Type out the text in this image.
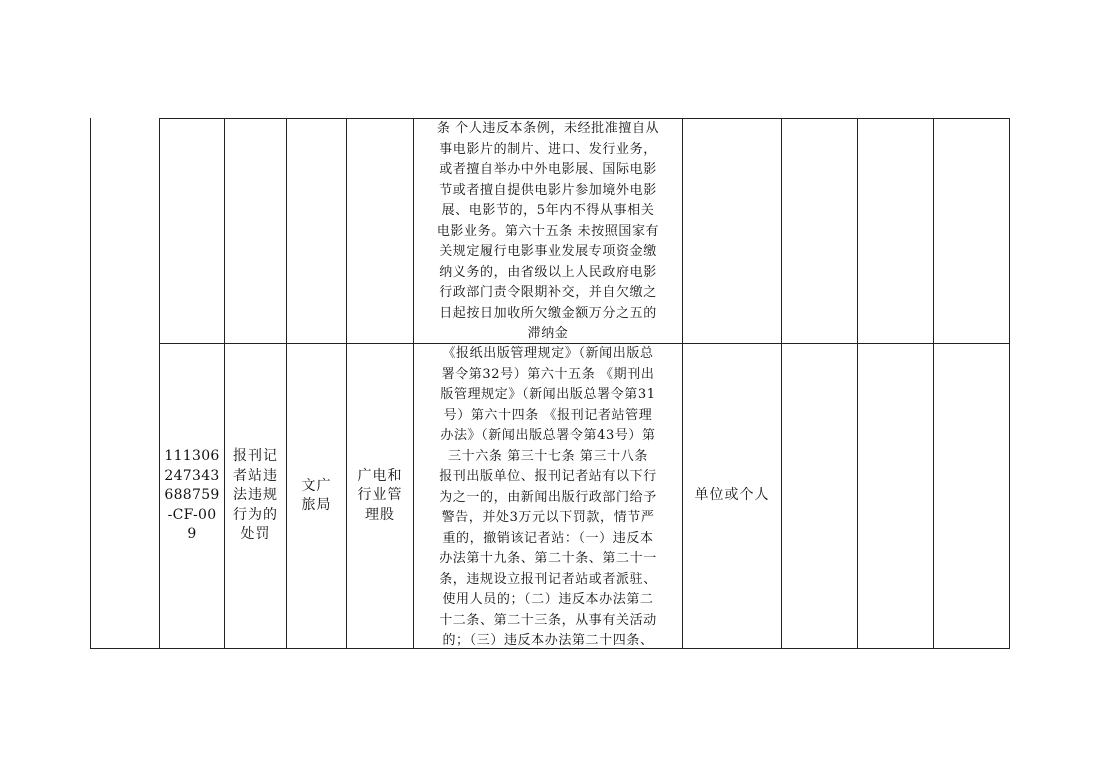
条 个人违反本条例，未经批准擅自从
事电影片的制片、进口、发行业务，
或者擅自举办中外电影展、国际电影
节或者擅自提供电影片参加境外电影
展、电影节的，5年内不得从事相关
电影业务。第六十五条 未按照国家有
关规定履行电影事业发展专项资金缴
纳义务的，由省级以上人民政府电影
行政部门责令限期补交，并自欠缴之
日起按日加收所欠缴金额万分之五的
滞纳金
111306
247343
688759
-CF-00
9
报刊记
者站违
法违规
行为的
处罚
文广
旅局
广电和
行业管
理股
《报纸出版管理规定》（新闻出版总
署令第32号）第六十五条 《期刊出
版管理规定》（新闻出版总署令第31
号）第六十四条 《报刊记者站管理
办法》（新闻出版总署令第43号）第
三十六条 第三十七条 第三十八条
报刊出版单位、报刊记者站有以下行
为之一的，由新闻出版行政部门给予
警告，并处3万元以下罚款，情节严
重的，撤销该记者站：（一）违反本
办法第十九条、第二十条、第二十一
条，违规设立报刊记者站或者派驻、
使用人员的；（二）违反本办法第二
十二条、第二十三条，从事有关活动
的；（三）违反本办法第二十四条、
单位或个人
